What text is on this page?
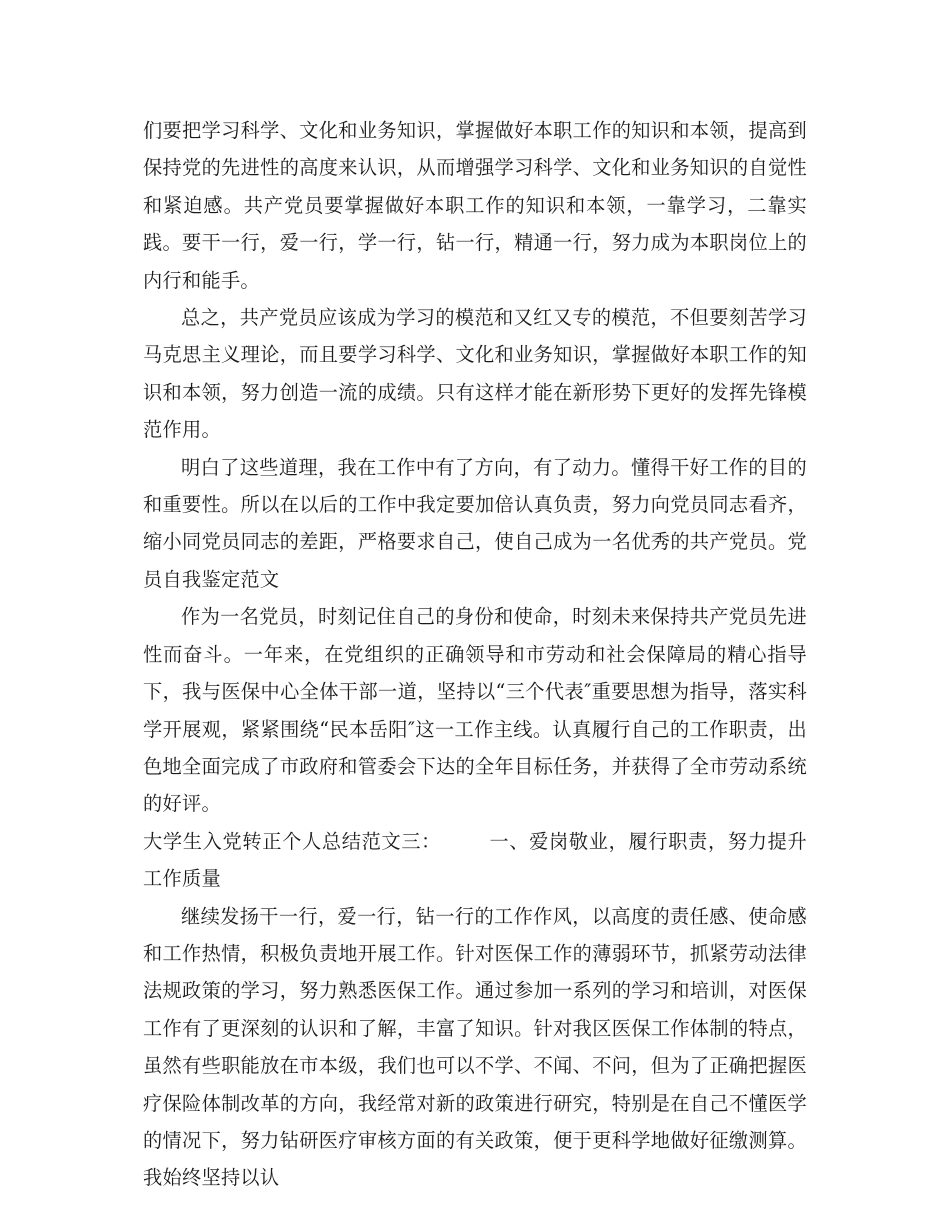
们要把学习科学、文化和业务知识，掌握做好本职工作的知识和本领，提高到保持党的先进性的高度来认识，从而增强学习科学、文化和业务知识的自觉性和紧迫感。共产党员要掌握做好本职工作的知识和本领，一靠学习，二靠实践。要干一行，爱一行，学一行，钻一行，精通一行，努力成为本职岗位上的内行和能手。

总之，共产党员应该成为学习的模范和又红又专的模范，不但要刻苦学习马克思主义理论，而且要学习科学、文化和业务知识，掌握做好本职工作的知识和本领，努力创造一流的成绩。只有这样才能在新形势下更好的发挥先锋模范作用。

明白了这些道理，我在工作中有了方向，有了动力。懂得干好工作的目的和重要性。所以在以后的工作中我定要加倍认真负责，努力向党员同志看齐，缩小同党员同志的差距，严格要求自己，使自己成为一名优秀的共产党员。党员自我鉴定范文

作为一名党员，时刻记住自己的身份和使命，时刻未来保持共产党员先进性而奋斗。一年来，在党组织的正确领导和市劳动和社会保障局的精心指导下，我与医保中心全体干部一道，坚持以“三个代表″重要思想为指导，落实科学开展观，紧紧围绕“民本岳阳″这一工作主线。认真履行自己的工作职责，出色地全面完成了市政府和管委会下达的全年目标任务，并获得了全市劳动系统的好评。

大学生入党转正个人总结范文三：	一、爱岗敬业，履行职责，努力提升工作质量

继续发扬干一行，爱一行，钻一行的工作作风，以高度的责任感、使命感和工作热情，积极负责地开展工作。针对医保工作的薄弱环节，抓紧劳动法律法规政策的学习，努力熟悉医保工作。通过参加一系列的学习和培训，对医保工作有了更深刻的认识和了解，丰富了知识。针对我区医保工作体制的特点，虽然有些职能放在市本级，我们也可以不学、不闻、不问，但为了正确把握医疗保险体制改革的方向，我经常对新的政策进行研究，特别是在自己不懂医学的情况下，努力钻研医疗审核方面的有关政策，便于更科学地做好征缴测算。我始终坚持以认
